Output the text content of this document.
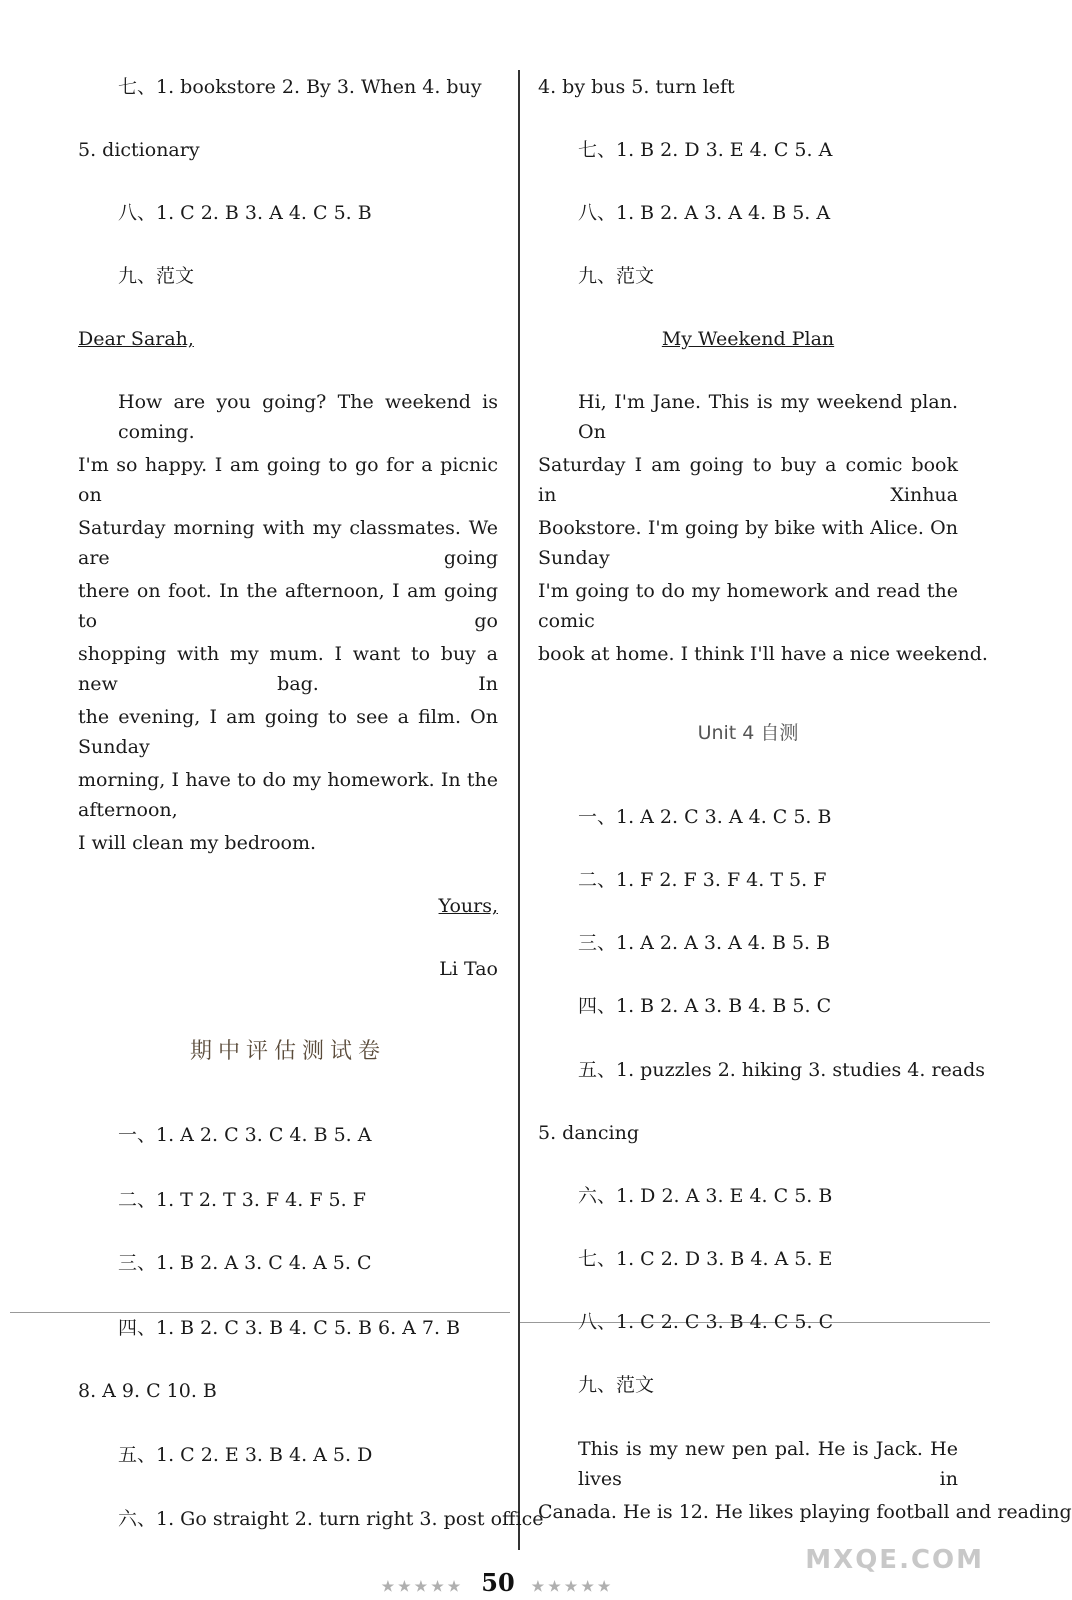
七、1. bookstore 2. By 3. When 4. buy
5. dictionary
八、1. C 2. B 3. A 4. C 5. B
九、范文
Dear Sarah,
How are you going? The weekend is coming.
I'm so happy. I am going to go for a picnic on
Saturday morning with my classmates. We are going
there on foot. In the afternoon, I am going to go
shopping with my mum. I want to buy a new bag. In
the evening, I am going to see a film. On Sunday
morning, I have to do my homework. In the afternoon,
I will clean my bedroom.
Yours,
Li Tao
期中评估测试卷
一、1. A 2. C 3. C 4. B 5. A
二、1. T 2. T 3. F 4. F 5. F
三、1. B 2. A 3. C 4. A 5. C
四、1. B 2. C 3. B 4. C 5. B 6. A 7. B
8. A 9. C 10. B
五、1. C 2. E 3. B 4. A 5. D
六、1. Go straight 2. turn right 3. post office
4. by bus 5. turn left
七、1. B 2. D 3. E 4. C 5. A
八、1. B 2. A 3. A 4. B 5. A
九、范文
My Weekend Plan
Hi, I'm Jane. This is my weekend plan. On
Saturday I am going to buy a comic book in Xinhua
Bookstore. I'm going by bike with Alice. On Sunday
I'm going to do my homework and read the comic
book at home. I think I'll have a nice weekend.
Unit 4 自测
一、1. A 2. C 3. A 4. C 5. B
二、1. F 2. F 3. F 4. T 5. F
三、1. A 2. A 3. A 4. B 5. B
四、1. B 2. A 3. B 4. B 5. C
五、1. puzzles 2. hiking 3. studies 4. reads
5. dancing
六、1. D 2. A 3. E 4. C 5. B
七、1. C 2. D 3. B 4. A 5. E
八、1. C 2. C 3. B 4. C 5. C
九、范文
This is my new pen pal. He is Jack. He lives in
Canada. He is 12. He likes playing football and reading
★★★★★ 50 ★★★★★
MXQE.COM
